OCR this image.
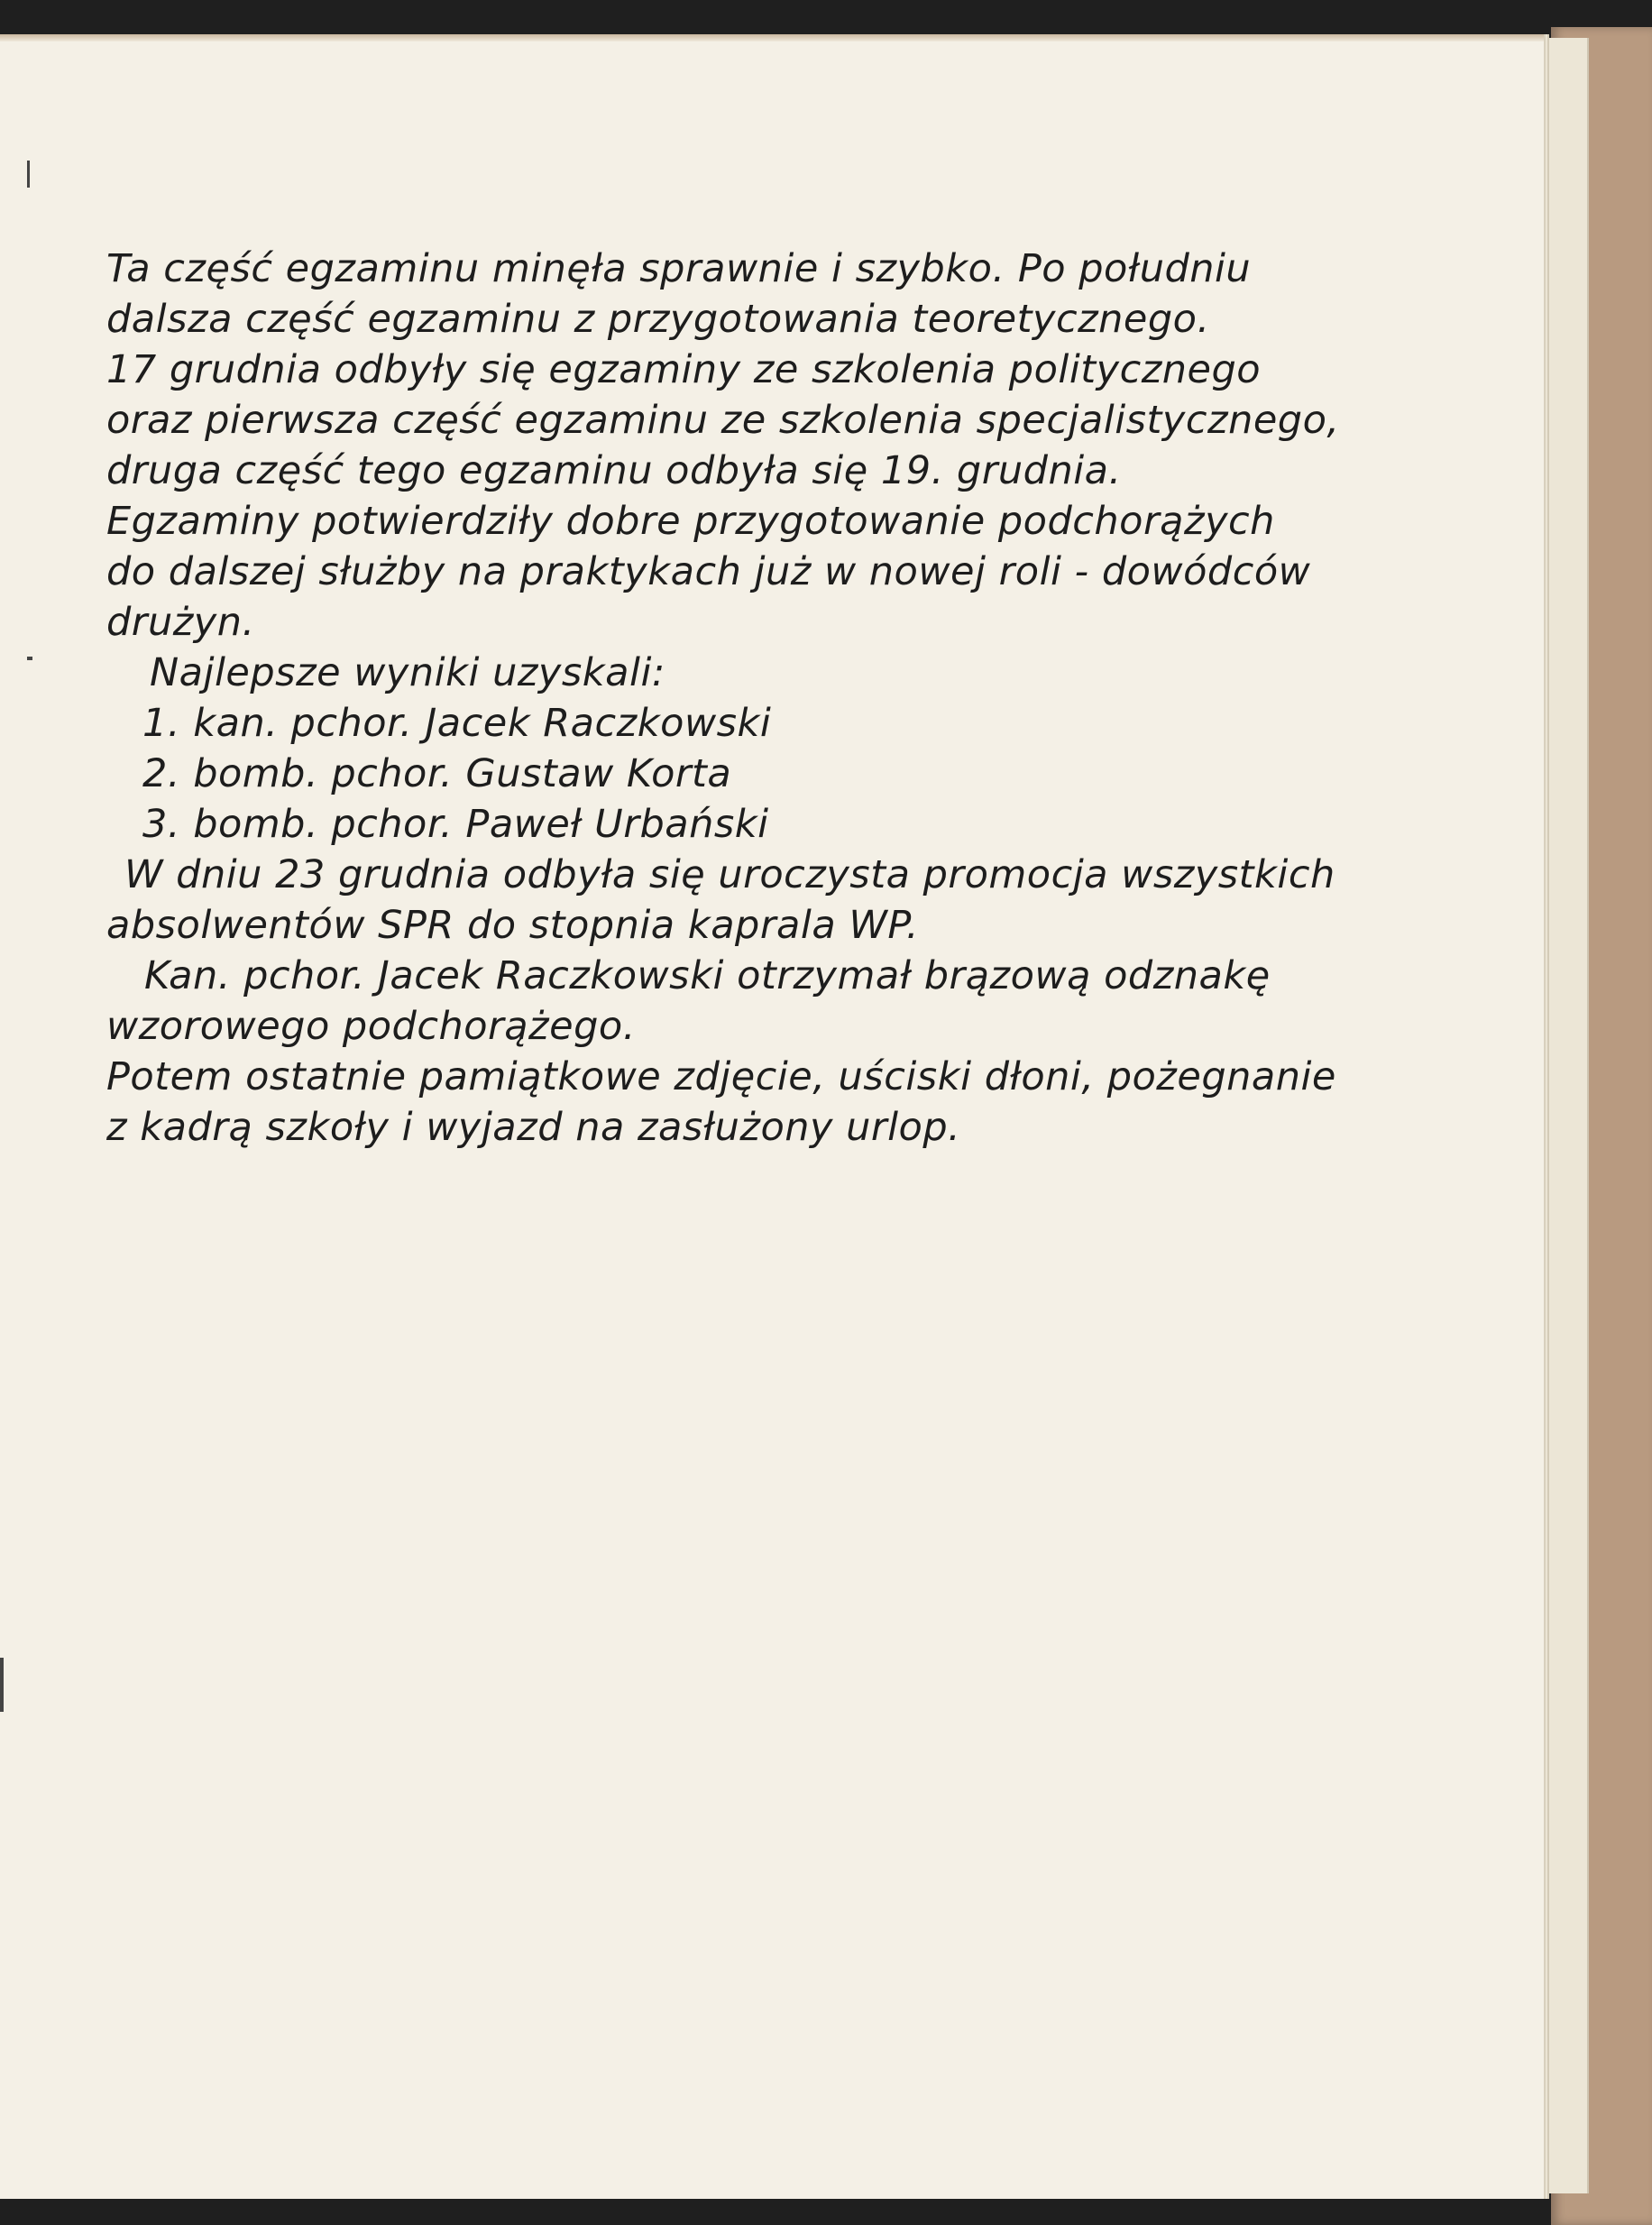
Ta część egzaminu minęła sprawnie i szybko. Po południu
dalsza część egzaminu z przygotowania teoretycznego.
17 grudnia odbyły się egzaminy ze szkolenia politycznego
oraz pierwsza część egzaminu ze szkolenia specjalistycznego,
druga część tego egzaminu odbyła się 19. grudnia.
Egzaminy potwierdziły dobre przygotowanie podchorążych
do dalszej służby na praktykach już w nowej roli - dowódców
drużyn.
Najlepsze wyniki uzyskali:
1. kan. pchor. Jacek Raczkowski
2. bomb. pchor. Gustaw Korta
3. bomb. pchor. Paweł Urbański
W dniu 23 grudnia odbyła się uroczysta promocja wszystkich
absolwentów SPR do stopnia kaprala WP.
Kan. pchor. Jacek Raczkowski otrzymał brązową odznakę
wzorowego podchorążego.
Potem ostatnie pamiątkowe zdjęcie, uściski dłoni, pożegnanie
z kadrą szkoły i wyjazd na zasłużony urlop.
